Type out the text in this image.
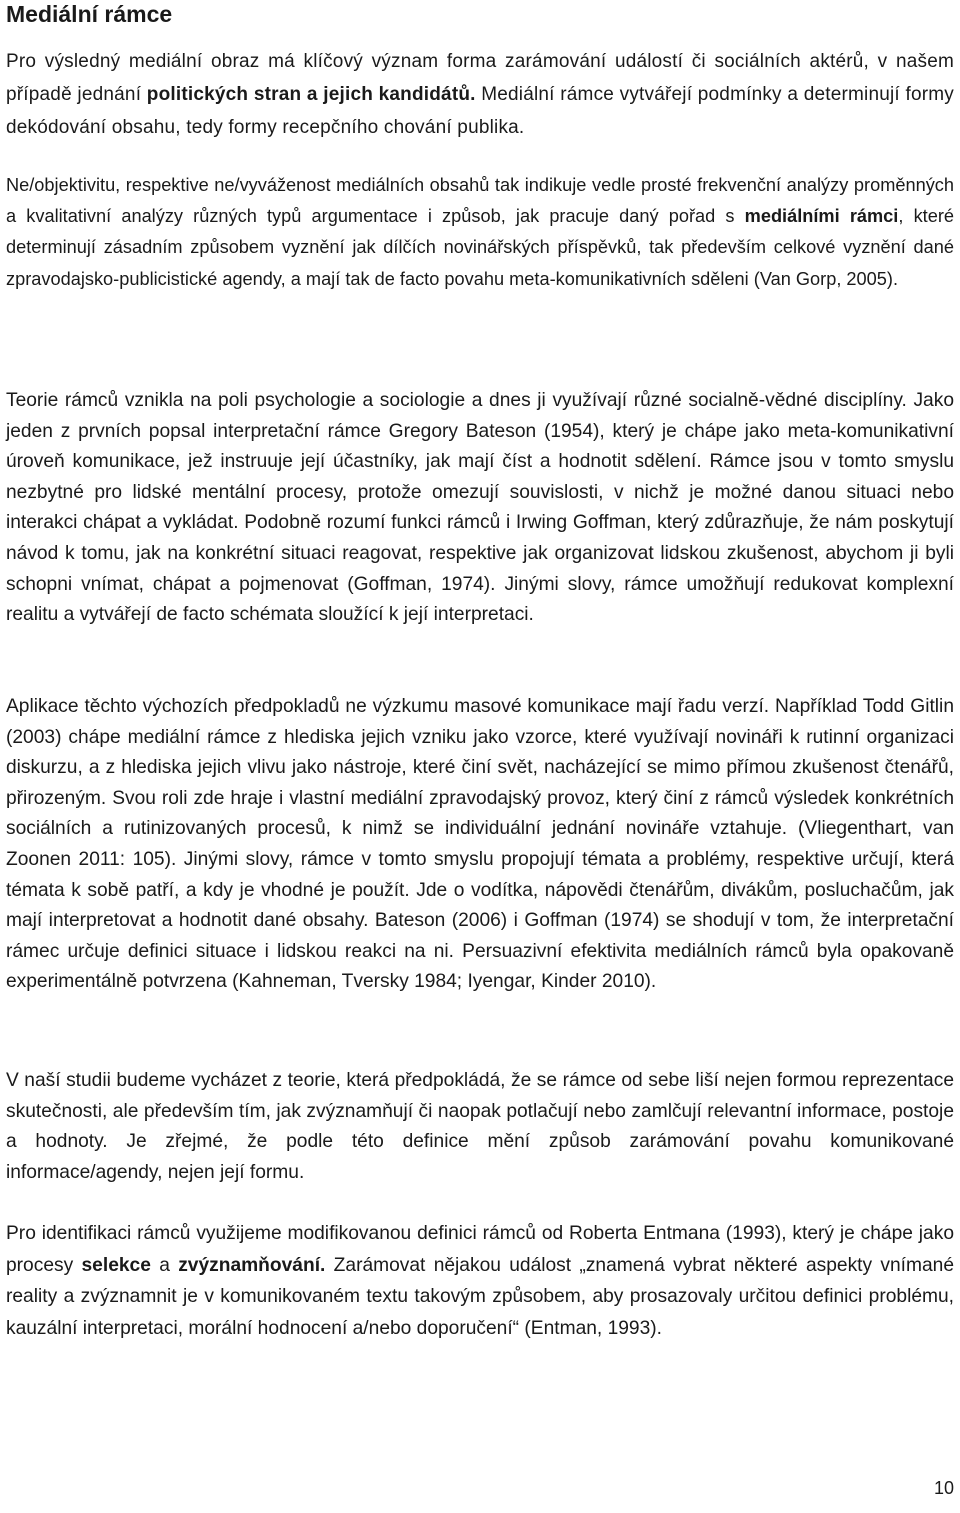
Mediální rámce

Pro výsledný mediální obraz má klíčový význam forma zarámování událostí či sociálních aktérů, v našem případě jednání politických stran a jejich kandidátů. Mediální rámce vytvářejí podmínky a determinují formy dekódování obsahu, tedy formy recepčního chování publika.

Ne/objektivitu, respektive ne/vyváženost mediálních obsahů tak indikuje vedle prosté frekvenční analýzy proměnných a kvalitativní analýzy různých typů argumentace i způsob, jak pracuje daný pořad s mediálními rámci, které determinují zásadním způsobem vyznění jak dílčích novinářských příspěvků, tak především celkové vyznění dané zpravodajsko-publicistické agendy, a mají tak de facto povahu meta-komunikativních sděleni (Van Gorp, 2005).

Teorie rámců vznikla na poli psychologie a sociologie a dnes ji využívají různé socialně-vědné disciplíny. Jako jeden z prvních popsal interpretační rámce Gregory Bateson (1954), který je chápe jako meta-komunikativní úroveň komunikace, jež instruuje její účastníky, jak mají číst a hodnotit sdělení. Rámce jsou v tomto smyslu nezbytné pro lidské mentální procesy, protože omezují souvislosti, v nichž je možné danou situaci nebo interakci chápat a vykládat. Podobně rozumí funkci rámců i Irwing Goffman, který zdůrazňuje, že nám poskytují návod k tomu, jak na konkrétní situaci reagovat, respektive jak organizovat lidskou zkušenost, abychom ji byli schopni vnímat, chápat a pojmenovat (Goffman, 1974). Jinými slovy, rámce umožňují redukovat komplexní realitu a vytvářejí de facto schémata sloužící k její interpretaci.

Aplikace těchto výchozích předpokladů ne výzkumu masové komunikace mají řadu verzí. Například Todd Gitlin (2003) chápe mediální rámce z hlediska jejich vzniku jako vzorce, které využívají novináři k rutinní organizaci diskurzu, a z hlediska jejich vlivu jako nástroje, které činí svět, nacházející se mimo přímou zkušenost čtenářů, přirozeným. Svou roli zde hraje i vlastní mediální zpravodajský provoz, který činí z rámců výsledek konkrétních sociálních a rutinizovaných procesů, k nimž se individuální jednání novináře vztahuje. (Vliegenthart, van Zoonen 2011: 105). Jinými slovy, rámce v tomto smyslu propojují témata a problémy, respektive určují, která témata k sobě patří, a kdy je vhodné je použít. Jde o vodítka, nápovědi čtenářům, divákům, posluchačům, jak mají interpretovat a hodnotit dané obsahy. Bateson (2006) i Goffman (1974) se shodují v tom, že interpretační rámec určuje definici situace i lidskou reakci na ni. Persuazivní efektivita mediálních rámců byla opakovaně experimentálně potvrzena (Kahneman, Tversky 1984; Iyengar, Kinder 2010).

V naší studii budeme vycházet z teorie, která předpokládá, že se rámce od sebe liší nejen formou reprezentace skutečnosti, ale především tím, jak zvýznamňují či naopak potlačují nebo zamlčují relevantní informace, postoje a hodnoty. Je zřejmé, že podle této definice mění způsob zarámování povahu komunikované informace/agendy, nejen její formu.

Pro identifikaci rámců využijeme modifikovanou definici rámců od Roberta Entmana (1993), který je chápe jako procesy selekce a zvýznamňování. Zarámovat nějakou událost „znamená vybrat některé aspekty vnímané reality a zvýznamnit je v komunikovaném textu takovým způsobem, aby prosazovaly určitou definici problému, kauzální interpretaci, morální hodnocení a/nebo doporučení“ (Entman, 1993).

10
